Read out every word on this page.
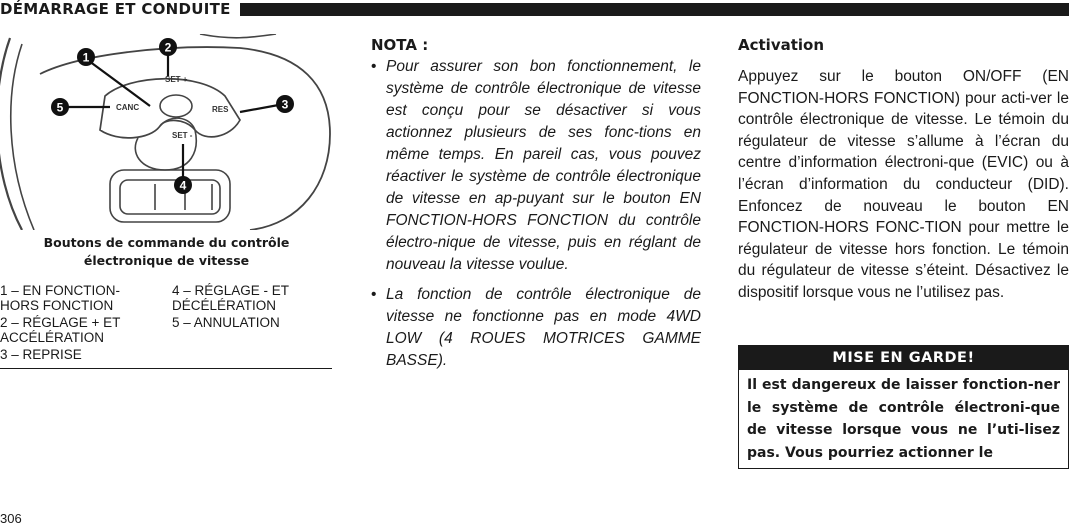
DÉMARRAGE ET CONDUITE
SET +
CANC	RES
SET -
1
2
3
4
5
Boutons de commande du contrôle électronique de vitesse
1 – EN FONCTION-HORS FONCTION
2 – RÉGLAGE + ET ACCÉLÉRATION
3 – REPRISE
4 – RÉGLAGE - ET DÉCÉLÉRATION
5 – ANNULATION
NOTA :
• Pour assurer son bon fonctionnement, le système de contrôle électronique de vitesse est conçu pour se désactiver si vous actionnez plusieurs de ses fonc-tions en même temps. En pareil cas, vous pouvez réactiver le système de contrôle électronique de vitesse en ap-puyant sur le bouton EN FONCTION-HORS FONCTION du contrôle électro-nique de vitesse, puis en réglant de nouveau la vitesse voulue.
• La fonction de contrôle électronique de vitesse ne fonctionne pas en mode 4WD LOW (4 ROUES MOTRICES GAMME BASSE).
Activation

Appuyez sur le bouton ON/OFF (EN FONCTION-HORS FONCTION) pour acti-ver le contrôle électronique de vitesse. Le témoin du régulateur de vitesse s’allume à l’écran du centre d’information électroni-que (EVIC) ou à l’écran d’information du conducteur (DID). Enfoncez de nouveau le bouton EN FONCTION-HORS FONC-TION pour mettre le régulateur de vitesse hors fonction. Le témoin du régulateur de vitesse s’éteint. Désactivez le dispositif lorsque vous ne l’utilisez pas.

MISE EN GARDE!
Il est dangereux de laisser fonction-ner le système de contrôle électroni-que de vitesse lorsque vous ne l’uti-lisez pas. Vous pourriez actionner le
306
